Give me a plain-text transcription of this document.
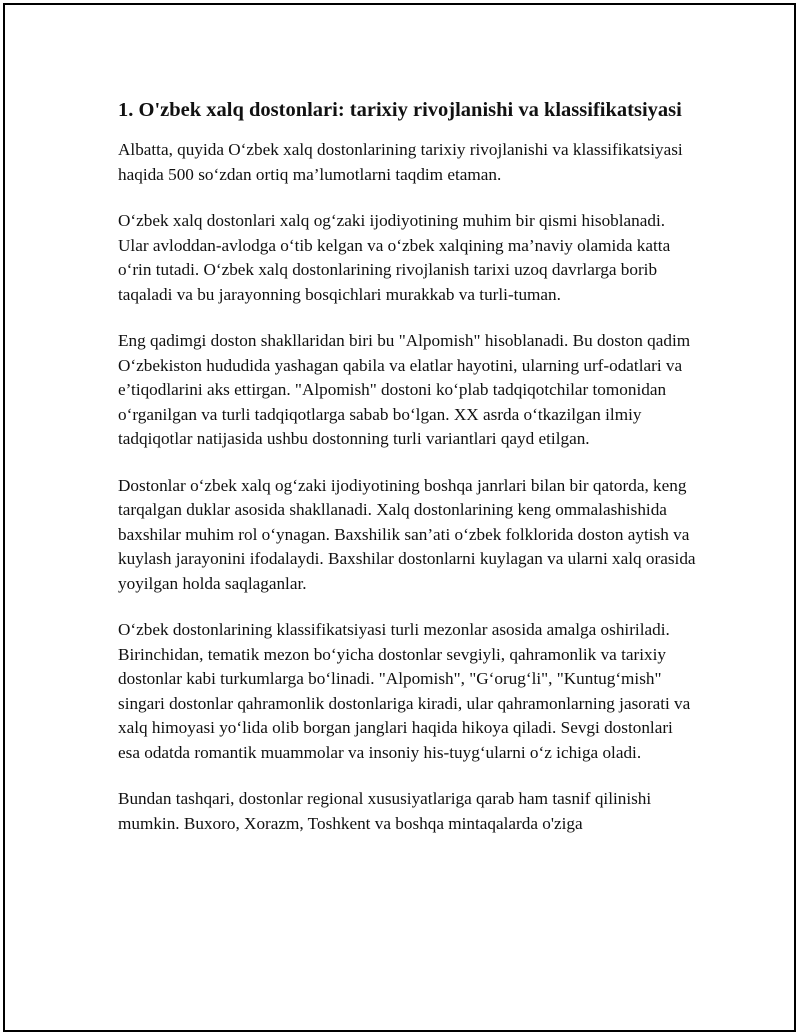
1. O'zbek xalq dostonlari: tarixiy rivojlanishi va klassifikatsiyasi

Albatta, quyida O‘zbek xalq dostonlarining tarixiy rivojlanishi va klassifikatsiyasi haqida 500 so‘zdan ortiq ma’lumotlarni taqdim etaman.

O‘zbek xalq dostonlari xalq og‘zaki ijodiyotining muhim bir qismi hisoblanadi. Ular avloddan-avlodga o‘tib kelgan va o‘zbek xalqining ma’naviy olamida katta o‘rin tutadi. O‘zbek xalq dostonlarining rivojlanish tarixi uzoq davrlarga borib taqaladi va bu jarayonning bosqichlari murakkab va turli-tuman.

Eng qadimgi doston shakllaridan biri bu "Alpomish" hisoblanadi. Bu doston qadim O‘zbekiston hududida yashagan qabila va elatlar hayotini, ularning urf-odatlari va e’tiqodlarini aks ettirgan. "Alpomish" dostoni ko‘plab tadqiqotchilar tomonidan o‘rganilgan va turli tadqiqotlarga sabab bo‘lgan. XX asrda o‘tkazilgan ilmiy tadqiqotlar natijasida ushbu dostonning turli variantlari qayd etilgan.

Dostonlar o‘zbek xalq og‘zaki ijodiyotining boshqa janrlari bilan bir qatorda, keng tarqalgan duklar asosida shakllanadi. Xalq dostonlarining keng ommalashishida baxshilar muhim rol o‘ynagan. Baxshilik san’ati o‘zbek folklorida doston aytish va kuylash jarayonini ifodalaydi. Baxshilar dostonlarni kuylagan va ularni xalq orasida yoyilgan holda saqlaganlar.

O‘zbek dostonlarining klassifikatsiyasi turli mezonlar asosida amalga oshiriladi. Birinchidan, tematik mezon bo‘yicha dostonlar sevgiyli, qahramonlik va tarixiy dostonlar kabi turkumlarga bo‘linadi. "Alpomish", "G‘orug‘li", "Kuntug‘mish" singari dostonlar qahramonlik dostonlariga kiradi, ular qahramonlarning jasorati va xalq himoyasi yo‘lida olib borgan janglari haqida hikoya qiladi. Sevgi dostonlari esa odatda romantik muammolar va insoniy his-tuyg‘ularni o‘z ichiga oladi.

Bundan tashqari, dostonlar regional xususiyatlariga qarab ham tasnif qilinishi mumkin. Buxoro, Xorazm, Toshkent va boshqa mintaqalarda o'ziga
